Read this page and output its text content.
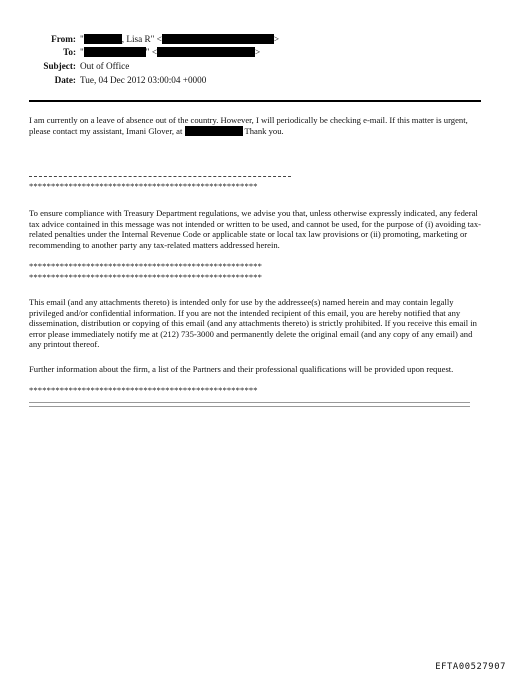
From: "	, Lisa R" <	>
To: "	" <	>
Subject: Out of Office
Date: Tue, 04 Dec 2012 03:00:04 +0000
I am currently on a leave of absence out of the country. However, I will periodically be checking e-mail. If this matter is urgent, please contact my assistant, Imani Glover, at	Thank you.
****************************************************
To ensure compliance with Treasury Department regulations, we advise you that, unless otherwise expressly indicated, any federal tax advice contained in this message was not intended or written to be used, and cannot be used, for the purpose of (i) avoiding tax-related penalties under the Internal Revenue Code or applicable state or local tax law provisions or (ii) promoting, marketing or recommending to another party any tax-related matters addressed herein.
*****************************************************
*****************************************************
This email (and any attachments thereto) is intended only for use by the addressee(s) named herein and may contain legally privileged and/or confidential information. If you are not the intended recipient of this email, you are hereby notified that any dissemination, distribution or copying of this email (and any attachments thereto) is strictly prohibited. If you receive this email in error please immediately notify me at (212) 735-3000 and permanently delete the original email (and any copy of any email) and any printout thereof.
Further information about the firm, a list of the Partners and their professional qualifications will be provided upon request.
****************************************************
EFTA00527907
